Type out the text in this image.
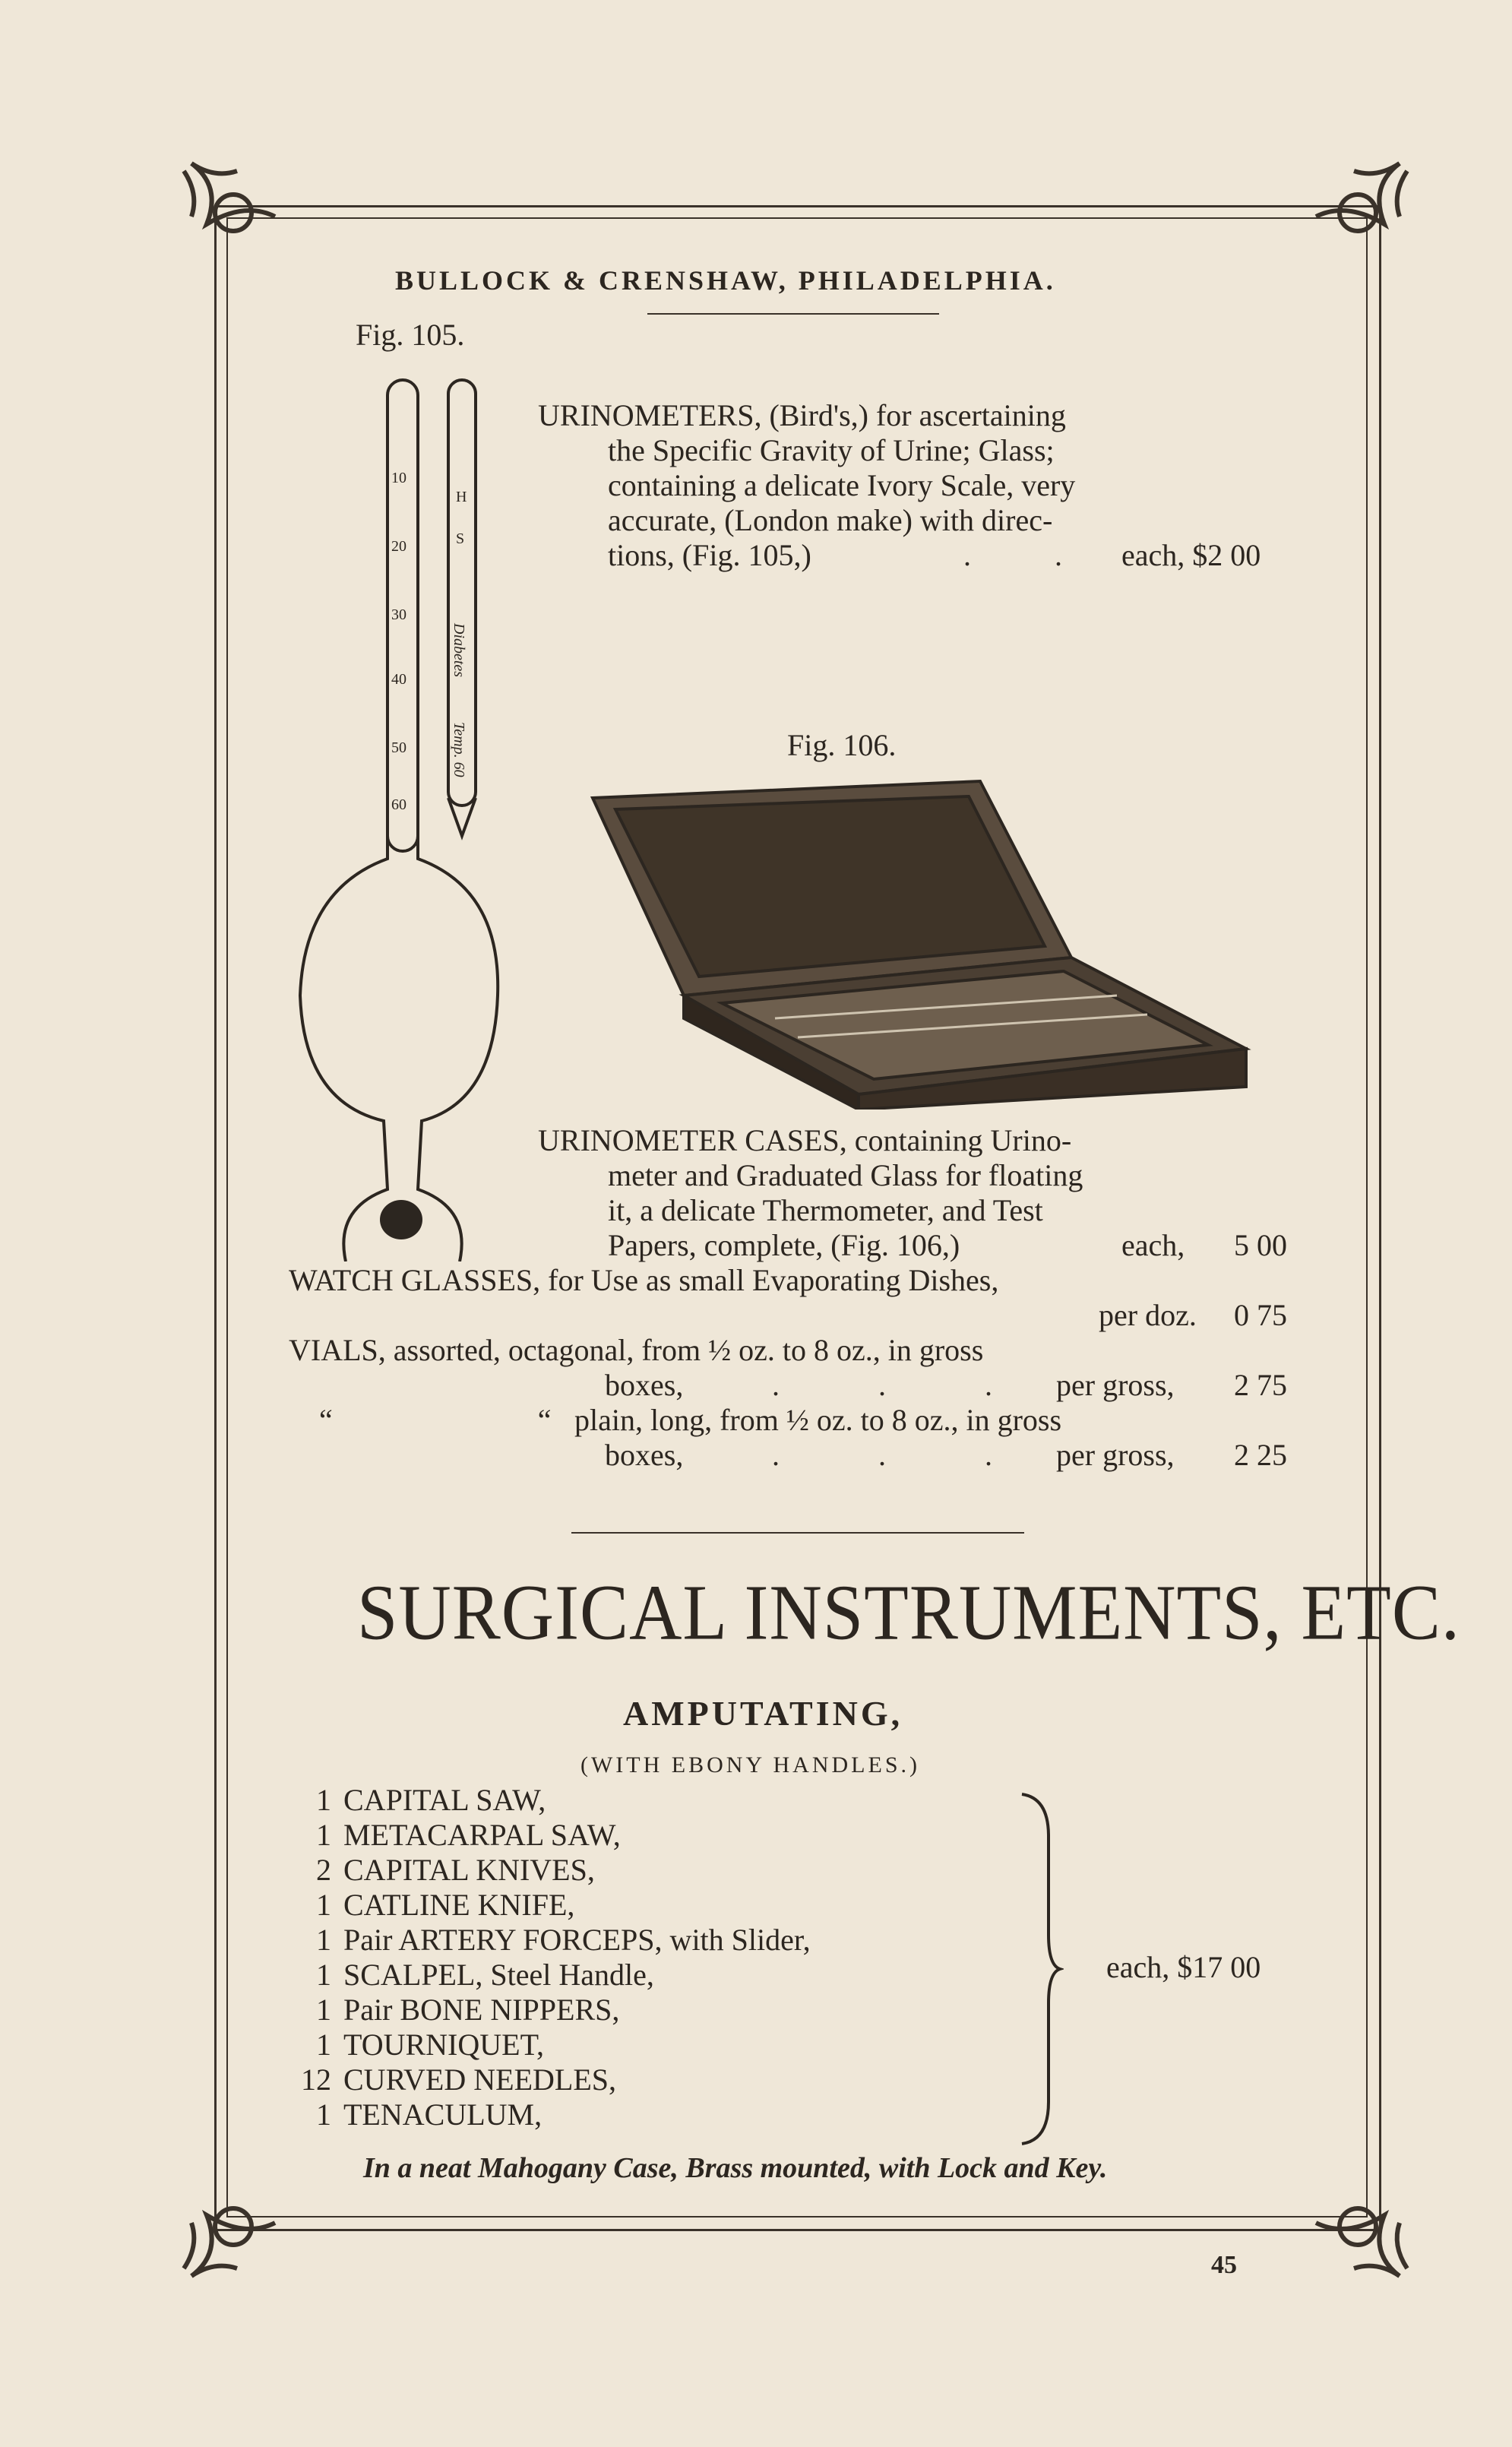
BULLOCK & CRENSHAW, PHILADELPHIA.
Fig. 105.
10
20
30
40
50
60
H
S
Diabetes
Temp. 60
URINOMETERS, (Bird's,) for ascertaining
the Specific Gravity of Urine; Glass;
containing a delicate Ivory Scale, very
accurate, (London make) with direc-
tions, (Fig. 105,)	. . each, $2 00
Fig. 106.
URINOMETER CASES, containing Urino-
meter and Graduated Glass for floating
it, a delicate Thermometer, and Test
Papers, complete, (Fig. 106,)	each, 5 00
WATCH GLASSES, for Use as small Evaporating Dishes,
per doz. 0 75
VIALS, assorted, octagonal, from ½ oz. to 8 oz., in gross
boxes,	. . . per gross, 2 75
“ “
plain, long, from ½ oz. to 8 oz., in gross
boxes,	. . . per gross, 2 25
SURGICAL INSTRUMENTS, ETC.
AMPUTATING,
(WITH EBONY HANDLES.)
1 CAPITAL SAW,
1 METACARPAL SAW,
2 CAPITAL KNIVES,
1 CATLINE KNIFE,
1 Pair ARTERY FORCEPS, with Slider,
1 SCALPEL, Steel Handle,
1 Pair BONE NIPPERS,
1 TOURNIQUET,
12 CURVED NEEDLES,
1 TENACULUM,
each, $17 00
In a neat Mahogany Case, Brass mounted, with Lock and Key.
45
